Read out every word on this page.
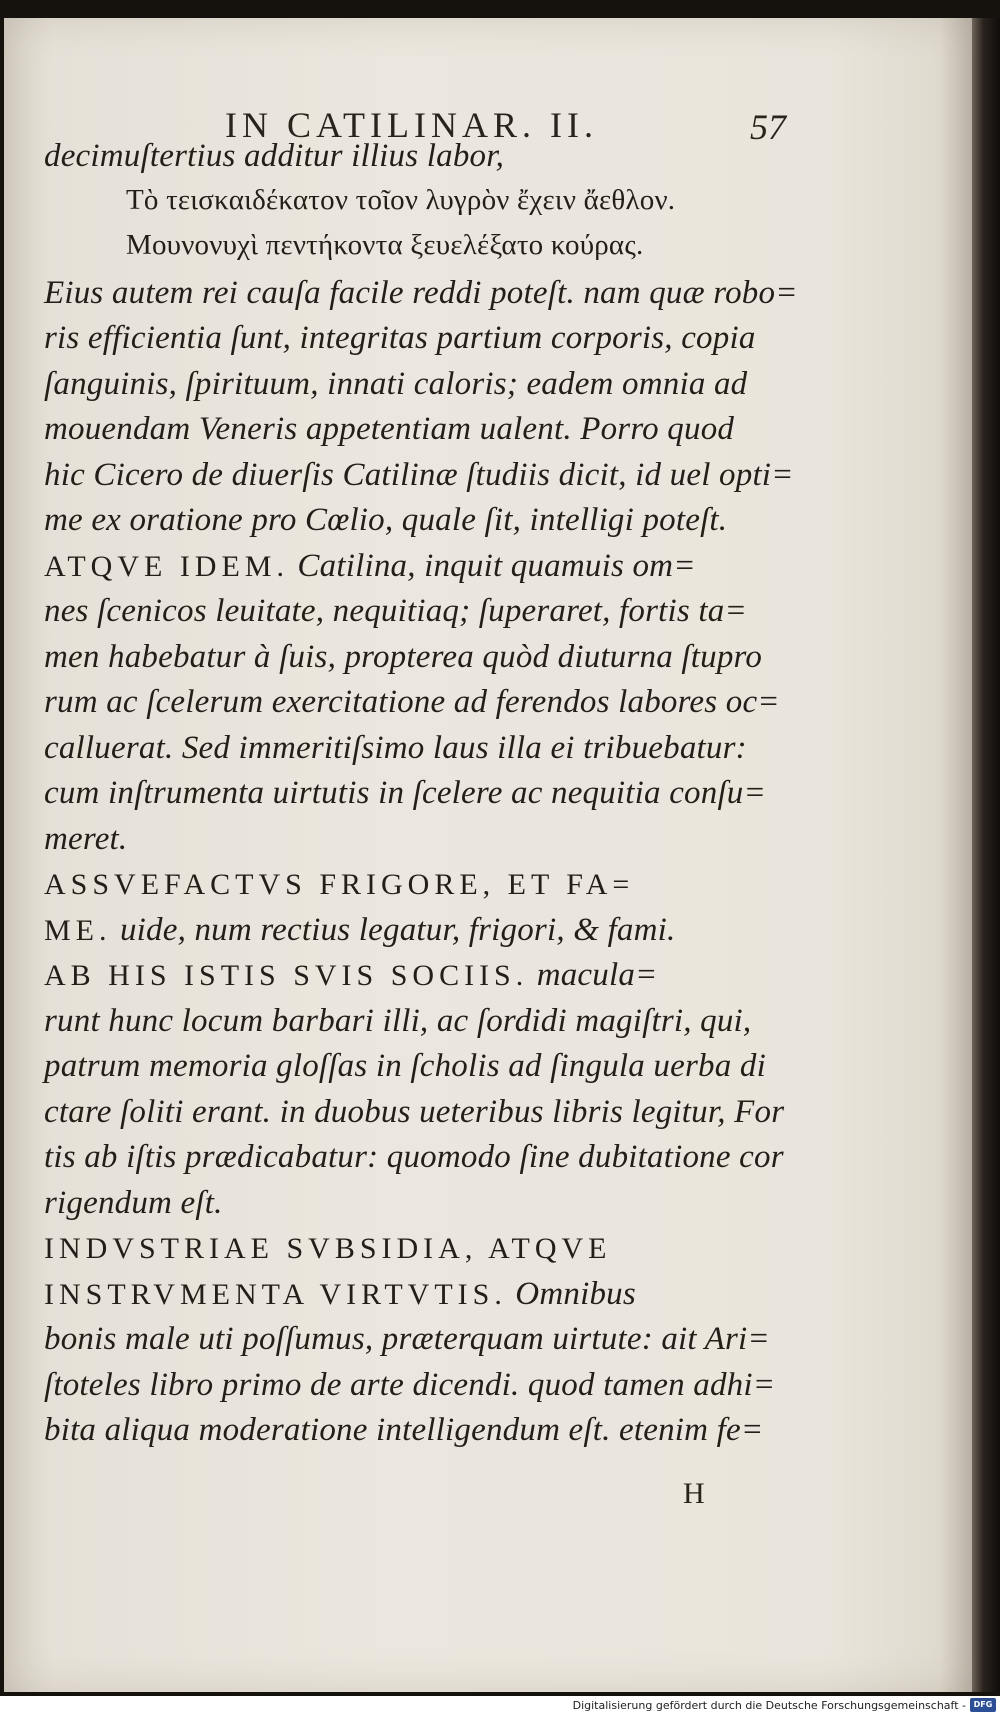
IN CATILINAR. II.	57
decimuſtertius additur illius labor,
Τὸ τεισκαιδέκατον τοῖον λυγρὸν ἔχειν ἄεθλον.
Μουνονυχὶ πεντήκοντα ξευελέξατο κούρας.
Eius autem rei cauſa facile reddi poteſt. nam quæ robo=
ris efficientia ſunt, integritas partium corporis, copia
ſanguinis, ſpirituum, innati caloris; eadem omnia ad
mouendam Veneris appetentiam ualent. Porro quod
hic Cicero de diuerſis Catilinæ ſtudiis dicit, id uel opti=
me ex oratione pro Cœlio, quale ſit, intelligi poteſt.
ATQVE IDEM. Catilina, inquit quamuis om=
nes ſcenicos leuitate, nequitiaq; ſuperaret, fortis ta=
men habebatur à ſuis, propterea quòd diuturna ſtupro
rum ac ſcelerum exercitatione ad ferendos labores oc=
calluerat. Sed immeritiſsimo laus illa ei tribuebatur:
cum inſtrumenta uirtutis in ſcelere ac nequitia conſu=
meret.
ASSVEFACTVS FRIGORE, ET FA=
ME. uide, num rectius legatur, frigori, & fami.
AB HIS ISTIS SVIS SOCIIS. macula=
runt hunc locum barbari illi, ac ſordidi magiſtri, qui,
patrum memoria gloſſas in ſcholis ad ſingula uerba di
ctare ſoliti erant. in duobus ueteribus libris legitur, For
tis ab iſtis prædicabatur: quomodo ſine dubitatione cor
rigendum eſt.
INDVSTRIAE SVBSIDIA, ATQVE
INSTRVMENTA VIRTVTIS. Omnibus
bonis male uti poſſumus, præterquam uirtute: ait Ari=
ſtoteles libro primo de arte dicendi. quod tamen adhi=
bita aliqua moderatione intelligendum eſt. etenim fe=
H
Digitalisierung gefördert durch die Deutsche Forschungsgemeinschaft - DFG
